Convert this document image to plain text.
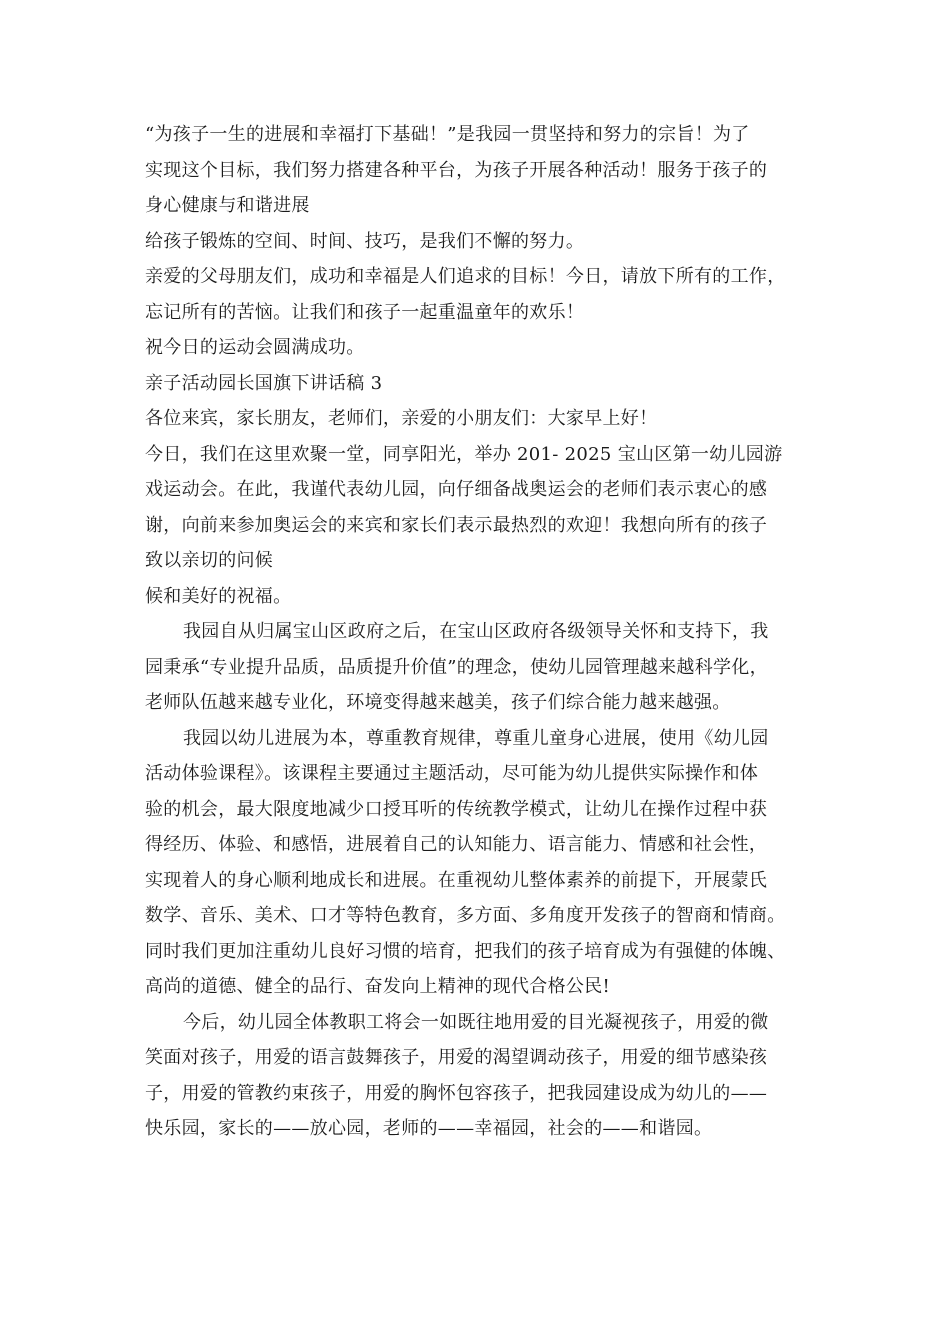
“为孩子一生的进展和幸福打下基础！”是我园一贯坚持和努力的宗旨！为了

实现这个目标，我们努力搭建各种平台，为孩子开展各种活动！服务于孩子的

身心健康与和谐进展

给孩子锻炼的空间、时间、技巧，是我们不懈的努力。

亲爱的父母朋友们，成功和幸福是人们追求的目标！今日，请放下所有的工作，

忘记所有的苦恼。让我们和孩子一起重温童年的欢乐！

祝今日的运动会圆满成功。

亲子活动园长国旗下讲话稿 3

各位来宾，家长朋友，老师们，亲爱的小朋友们：大家早上好！

今日，我们在这里欢聚一堂，同享阳光，举办 201- 2025 宝山区第一幼儿园游

戏运动会。在此，我谨代表幼儿园，向仔细备战奥运会的老师们表示衷心的感

谢，向前来参加奥运会的来宾和家长们表示最热烈的欢迎！我想向所有的孩子

致以亲切的问候

候和美好的祝福。

我园自从归属宝山区政府之后，在宝山区政府各级领导关怀和支持下，我

园秉承“专业提升品质，品质提升价值”的理念，使幼儿园管理越来越科学化，

老师队伍越来越专业化，环境变得越来越美，孩子们综合能力越来越强。

我园以幼儿进展为本，尊重教育规律，尊重儿童身心进展，使用《幼儿园

活动体验课程》。该课程主要通过主题活动，尽可能为幼儿提供实际操作和体

验的机会，最大限度地减少口授耳听的传统教学模式，让幼儿在操作过程中获

得经历、体验、和感悟，进展着自己的认知能力、语言能力、情感和社会性，

实现着人的身心顺利地成长和进展。在重视幼儿整体素养的前提下，开展蒙氏

数学、音乐、美术、口才等特色教育，多方面、多角度开发孩子的智商和情商。

同时我们更加注重幼儿良好习惯的培育，把我们的孩子培育成为有强健的体魄、

高尚的道德、健全的品行、奋发向上精神的现代合格公民!

今后，幼儿园全体教职工将会一如既往地用爱的目光凝视孩子，用爱的微

笑面对孩子，用爱的语言鼓舞孩子，用爱的渴望调动孩子，用爱的细节感染孩

子，用爱的管教约束孩子，用爱的胸怀包容孩子，把我园建设成为幼儿的——

快乐园，家长的——放心园，老师的——幸福园，社会的——和谐园。
